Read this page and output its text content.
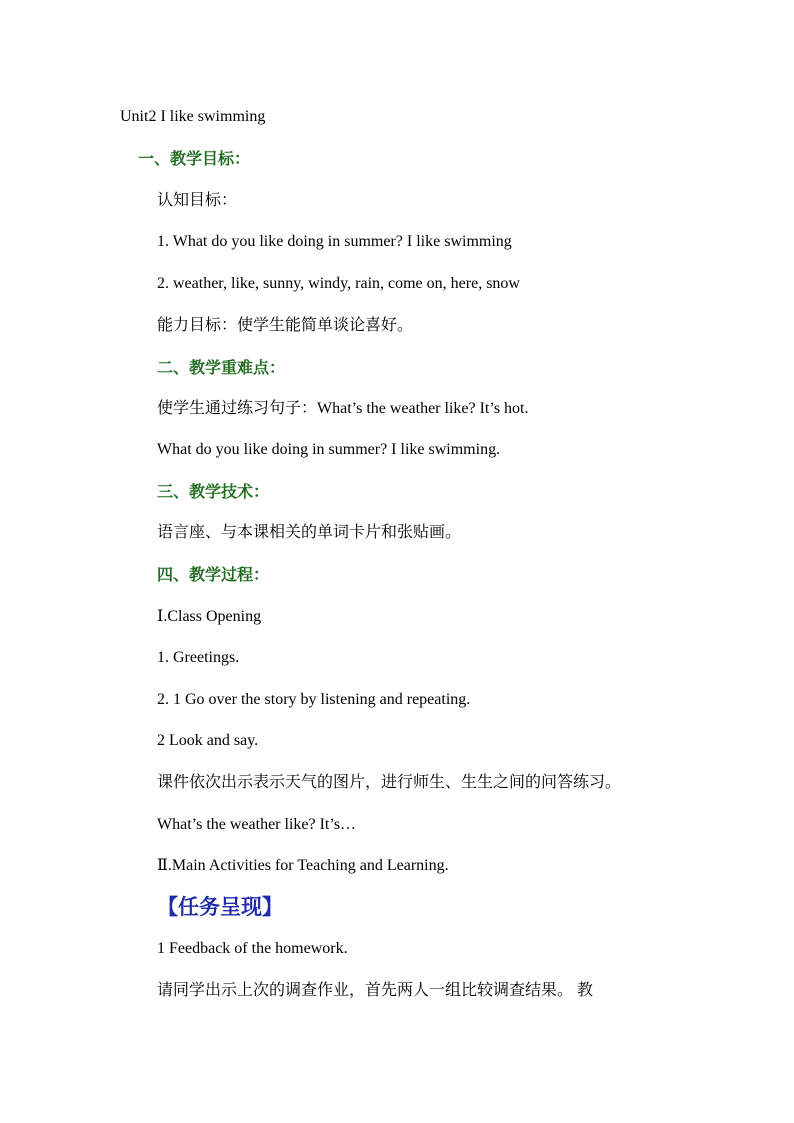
Unit2 I like swimming
一、教学目标：
认知目标：
1. What do you like doing in summer? I like swimming
2. weather, like, sunny, windy, rain, come on, here, snow
能力目标：使学生能简单谈论喜好。
二、教学重难点：
使学生通过练习句子：What’s the weather like? It’s hot.
What do you like doing in summer? I like swimming.
三、教学技术：
语言座、与本课相关的单词卡片和张贴画。
四、教学过程：
Ⅰ.Class Opening
1. Greetings.
2. 1 Go over the story by listening and repeating.
2 Look and say.
课件依次出示表示天气的图片，进行师生、生生之间的问答练习。
What’s the weather like? It’s…
Ⅱ.Main Activities for Teaching and Learning.
【任务呈现】
1 Feedback of the homework.
请同学出示上次的调查作业，首先两人一组比较调查结果。 教
